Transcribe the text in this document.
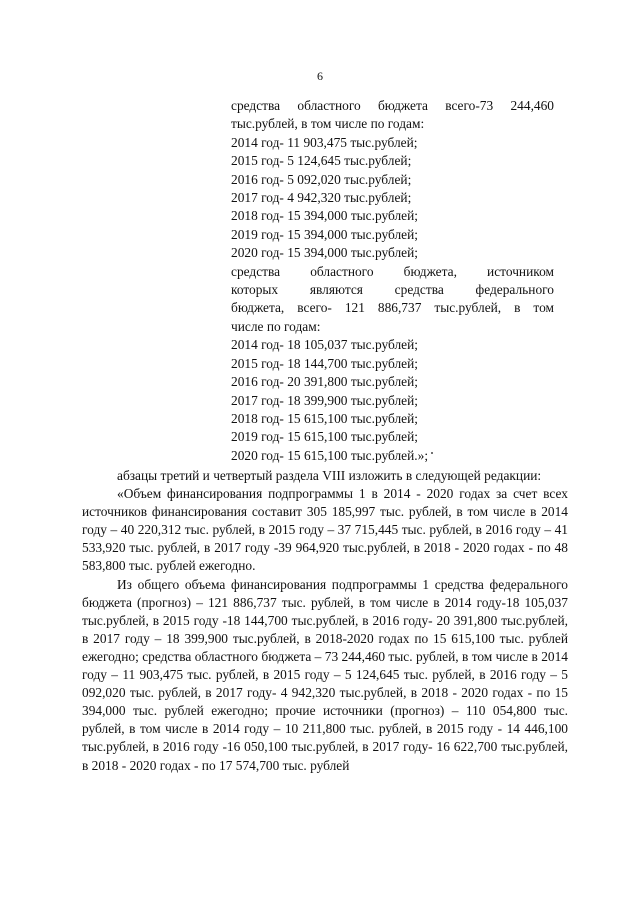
6
средства областного бюджета всего-73 244,460
тыс.рублей, в том числе по годам:
2014 год- 11 903,475 тыс.рублей;
2015 год- 5 124,645 тыс.рублей;
2016 год- 5 092,020 тыс.рублей;
2017 год- 4 942,320 тыс.рублей;
2018 год- 15 394,000 тыс.рублей;
2019 год- 15 394,000 тыс.рублей;
2020 год- 15 394,000 тыс.рублей;
средства областного бюджета, источником
которых являются средства федерального
бюджета, всего- 121 886,737 тыс.рублей, в том
числе по годам:
2014 год- 18 105,037 тыс.рублей;
2015 год- 18 144,700 тыс.рублей;
2016 год- 20 391,800 тыс.рублей;
2017 год- 18 399,900 тыс.рублей;
2018 год- 15 615,100 тыс.рублей;
2019 год- 15 615,100 тыс.рублей;
2020 год- 15 615,100 тыс.рублей.»;

абзацы третий и четвертый раздела VIII изложить в следующей редакции:

«Объем финансирования подпрограммы 1 в 2014 - 2020 годах за счет всех источников финансирования составит 305 185,997 тыс. рублей, в том числе в 2014 году – 40 220,312 тыс. рублей, в 2015 году – 37 715,445 тыс. рублей, в 2016 году – 41 533,920 тыс. рублей, в 2017 году -39 964,920 тыс.рублей, в 2018 - 2020 годах - по 48 583,800 тыс. рублей ежегодно.

Из общего объема финансирования подпрограммы 1 средства федерального бюджета (прогноз) – 121 886,737 тыс. рублей, в том числе в 2014 году-18 105,037 тыс.рублей, в 2015 году -18 144,700 тыс.рублей, в 2016 году- 20 391,800 тыс.рублей, в 2017 году – 18 399,900 тыс.рублей, в 2018-2020 годах по 15 615,100 тыс. рублей ежегодно; средства областного бюджета – 73 244,460 тыс. рублей, в том числе в 2014 году – 11 903,475 тыс. рублей, в 2015 году – 5 124,645 тыс. рублей, в 2016 году – 5 092,020 тыс. рублей, в 2017 году- 4 942,320 тыс.рублей, в 2018 - 2020 годах - по 15 394,000 тыс. рублей ежегодно; прочие источники (прогноз) – 110 054,800 тыс. рублей, в том числе в 2014 году – 10 211,800 тыс. рублей, в 2015 году - 14 446,100 тыс.рублей, в 2016 году -16 050,100 тыс.рублей, в 2017 году- 16 622,700 тыс.рублей, в 2018 - 2020 годах - по 17 574,700 тыс. рублей
